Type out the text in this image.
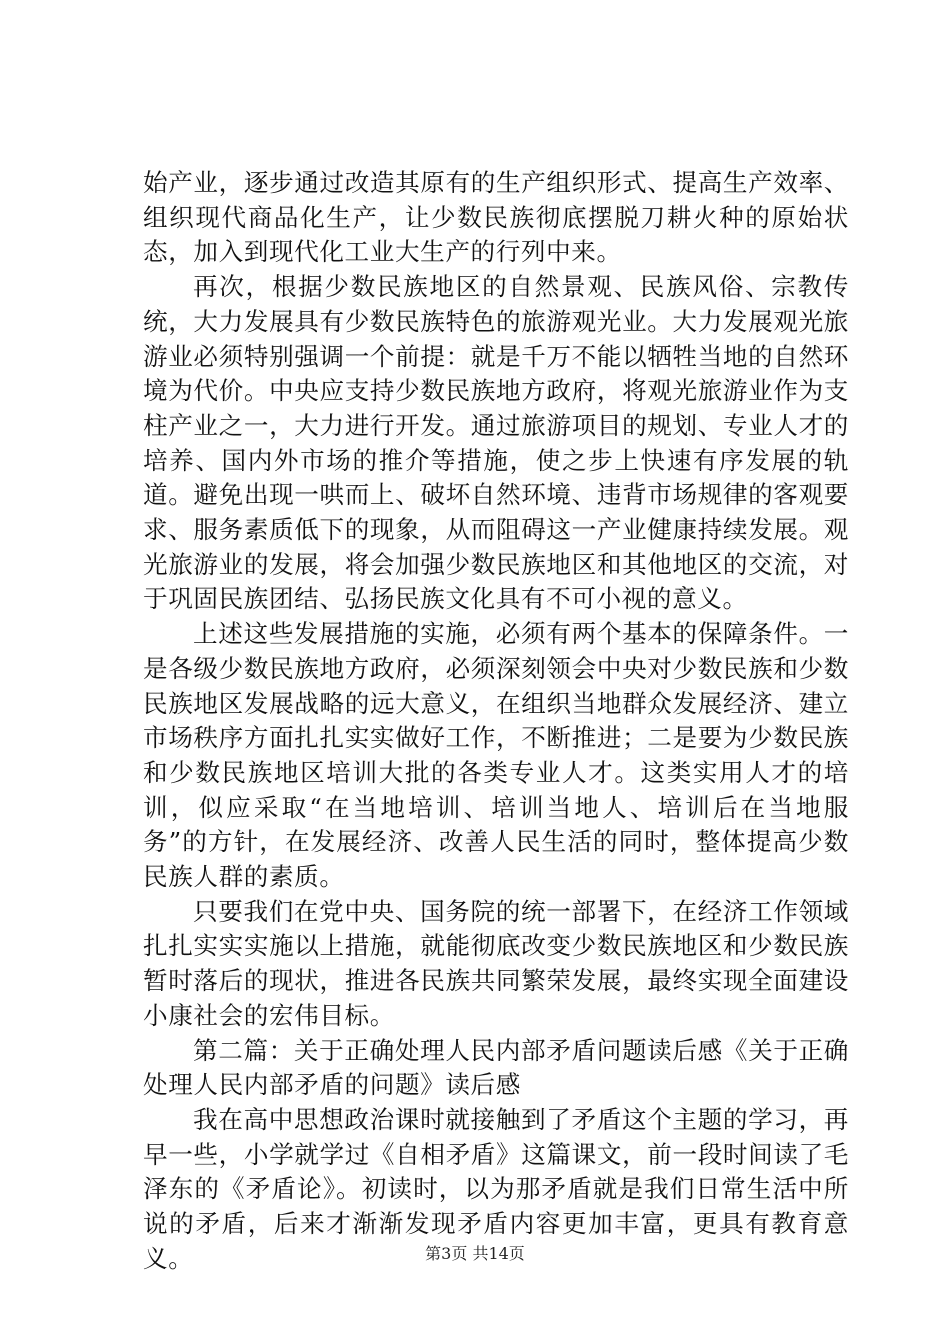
始产业，逐步通过改造其原有的生产组织形式、提高生产效率、组织现代商品化生产，让少数民族彻底摆脱刀耕火种的原始状态，加入到现代化工业大生产的行列中来。

再次，根据少数民族地区的自然景观、民族风俗、宗教传统，大力发展具有少数民族特色的旅游观光业。大力发展观光旅游业必须特别强调一个前提：就是千万不能以牺牲当地的自然环境为代价。中央应支持少数民族地方政府，将观光旅游业作为支柱产业之一，大力进行开发。通过旅游项目的规划、专业人才的培养、国内外市场的推介等措施，使之步上快速有序发展的轨道。避免出现一哄而上、破坏自然环境、违背市场规律的客观要求、服务素质低下的现象，从而阻碍这一产业健康持续发展。观光旅游业的发展，将会加强少数民族地区和其他地区的交流，对于巩固民族团结、弘扬民族文化具有不可小视的意义。

上述这些发展措施的实施，必须有两个基本的保障条件。一是各级少数民族地方政府，必须深刻领会中央对少数民族和少数民族地区发展战略的远大意义，在组织当地群众发展经济、建立市场秩序方面扎扎实实做好工作，不断推进；二是要为少数民族和少数民族地区培训大批的各类专业人才。这类实用人才的培训，似应采取“在当地培训、培训当地人、培训后在当地服务”的方针，在发展经济、改善人民生活的同时，整体提高少数民族人群的素质。

只要我们在党中央、国务院的统一部署下，在经济工作领域扎扎实实实施以上措施，就能彻底改变少数民族地区和少数民族暂时落后的现状，推进各民族共同繁荣发展，最终实现全面建设小康社会的宏伟目标。

第二篇：关于正确处理人民内部矛盾问题读后感《关于正确处理人民内部矛盾的问题》读后感

我在高中思想政治课时就接触到了矛盾这个主题的学习，再早一些，小学就学过《自相矛盾》这篇课文，前一段时间读了毛泽东的《矛盾论》。初读时，以为那矛盾就是我们日常生活中所说的矛盾，后来才渐渐发现矛盾内容更加丰富，更具有教育意义。	第3页 共14页
